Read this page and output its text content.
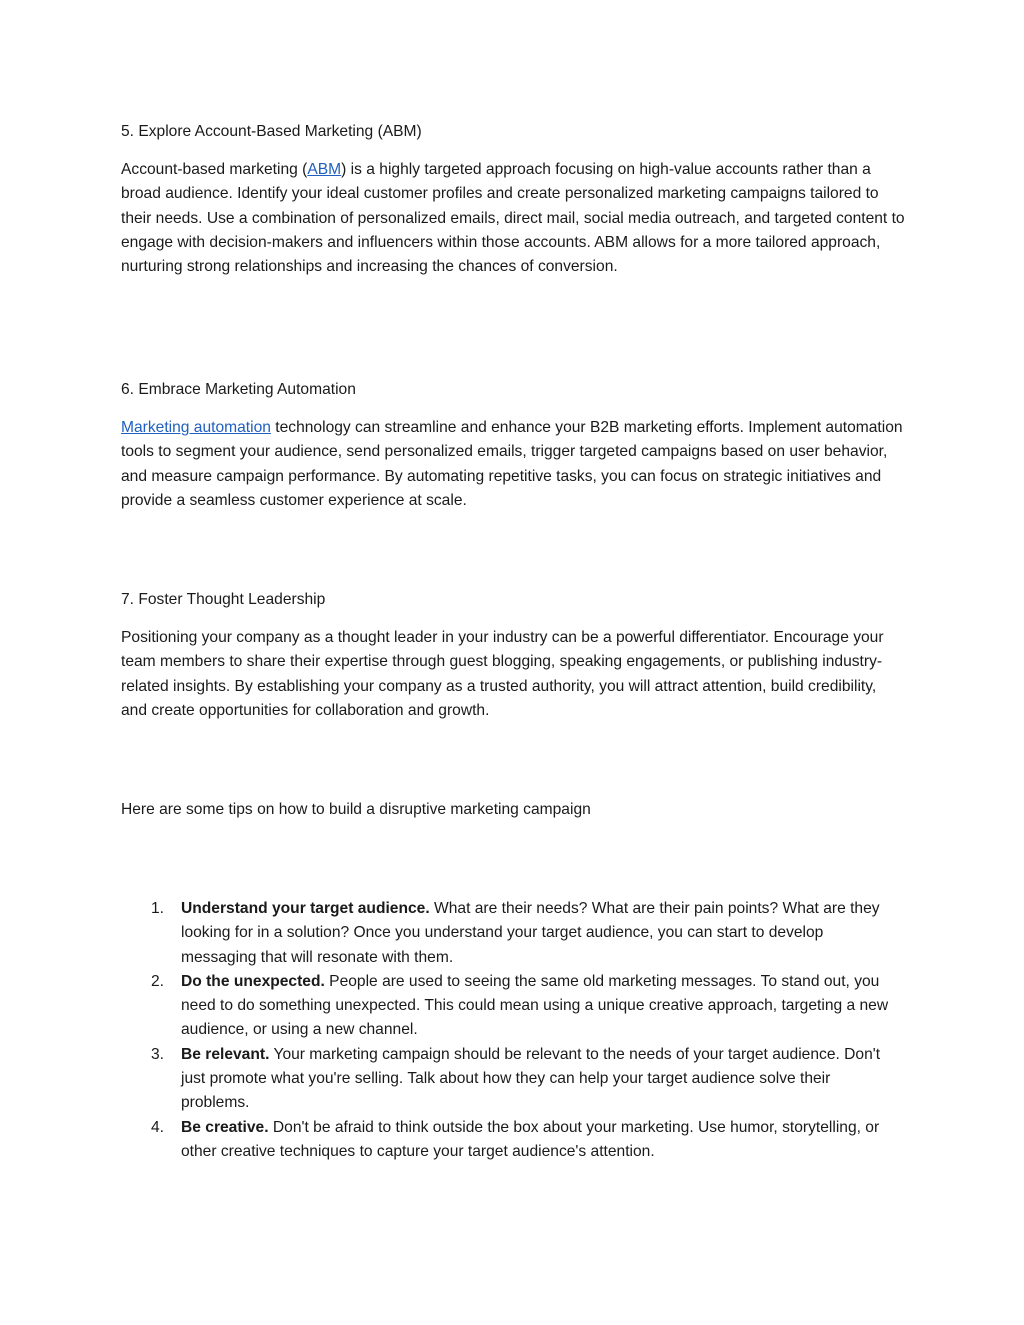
5. Explore Account-Based Marketing (ABM)

Account-based marketing (ABM) is a highly targeted approach focusing on high-value accounts rather than a broad audience. Identify your ideal customer profiles and create personalized marketing campaigns tailored to their needs. Use a combination of personalized emails, direct mail, social media outreach, and targeted content to engage with decision-makers and influencers within those accounts. ABM allows for a more tailored approach, nurturing strong relationships and increasing the chances of conversion.

6. Embrace Marketing Automation

Marketing automation technology can streamline and enhance your B2B marketing efforts. Implement automation tools to segment your audience, send personalized emails, trigger targeted campaigns based on user behavior, and measure campaign performance. By automating repetitive tasks, you can focus on strategic initiatives and provide a seamless customer experience at scale.

7. Foster Thought Leadership

Positioning your company as a thought leader in your industry can be a powerful differentiator. Encourage your team members to share their expertise through guest blogging, speaking engagements, or publishing industry-related insights. By establishing your company as a trusted authority, you will attract attention, build credibility, and create opportunities for collaboration and growth.

Here are some tips on how to build a disruptive marketing campaign

1. Understand your target audience. What are their needs? What are their pain points? What are they looking for in a solution? Once you understand your target audience, you can start to develop messaging that will resonate with them.
2. Do the unexpected. People are used to seeing the same old marketing messages. To stand out, you need to do something unexpected. This could mean using a unique creative approach, targeting a new audience, or using a new channel.
3. Be relevant. Your marketing campaign should be relevant to the needs of your target audience. Don't just promote what you're selling. Talk about how they can help your target audience solve their problems.
4. Be creative. Don't be afraid to think outside the box about your marketing. Use humor, storytelling, or other creative techniques to capture your target audience's attention.
